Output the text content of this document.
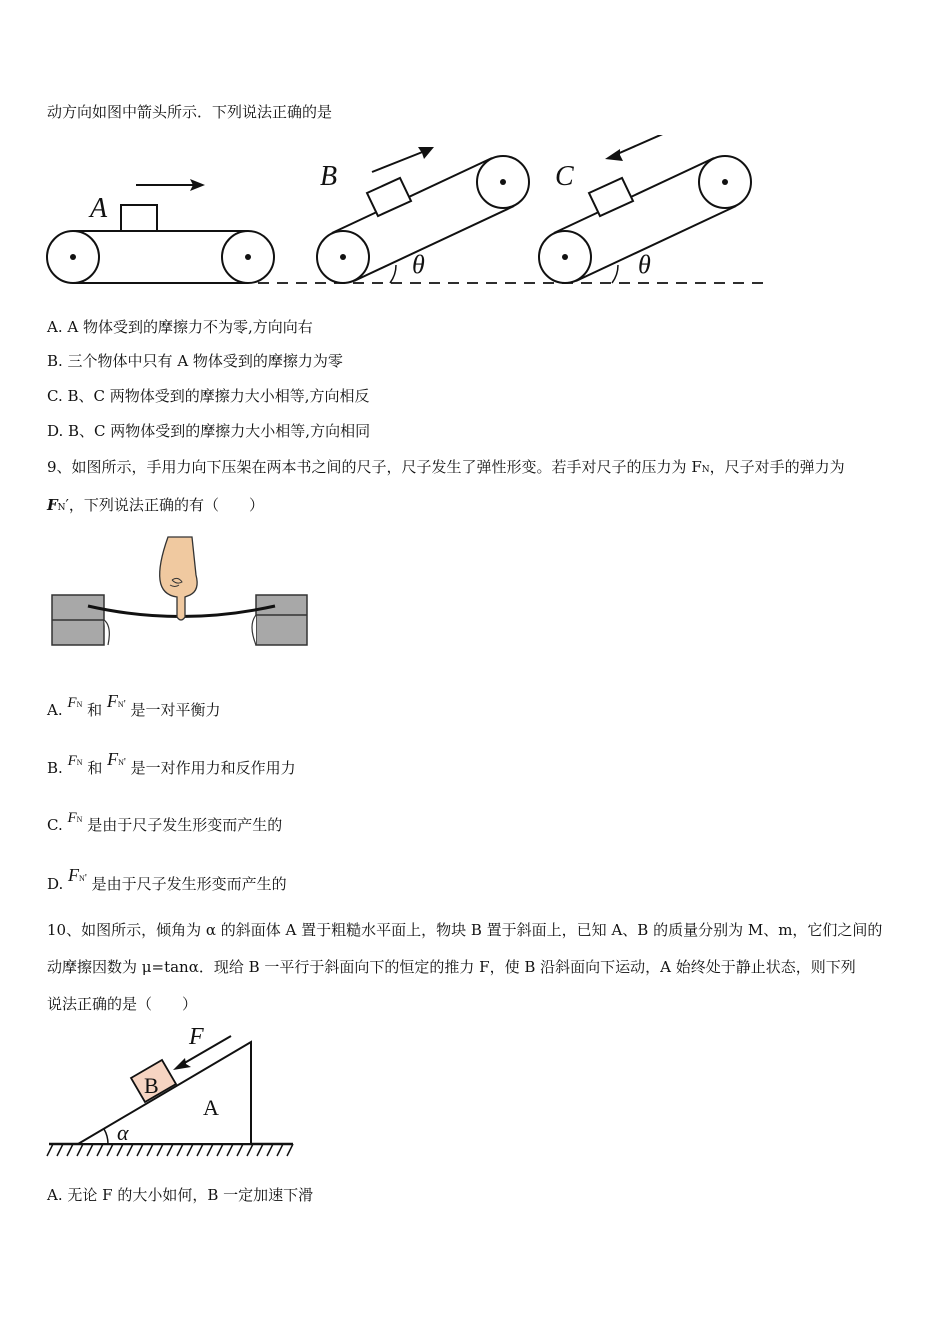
动方向如图中箭头所示．下列说法正确的是
A
B
θ
C
θ
A. A 物体受到的摩擦力不为零,方向向右
B. 三个物体中只有 A 物体受到的摩擦力为零
C. B、C 两物体受到的摩擦力大小相等,方向相反
D. B、C 两物体受到的摩擦力大小相等,方向相同
9、如图所示，手用力向下压架在两本书之间的尺子，尺子发生了弹性形变。若手对尺子的压力为 FN，尺子对手的弹力为
FN′，下列说法正确的有（　　）
A. FN 和 FN' 是一对平衡力
B. FN 和 FN' 是一对作用力和反作用力
C. FN 是由于尺子发生形变而产生的
D. FN' 是由于尺子发生形变而产生的
10、如图所示，倾角为 α 的斜面体 A 置于粗糙水平面上，物块 B 置于斜面上，已知 A、B 的质量分别为 M、m，它们之间的
动摩擦因数为 μ=tanα．现给 B 一平行于斜面向下的恒定的推力 F，使 B 沿斜面向下运动，A 始终处于静止状态，则下列
说法正确的是（　　）
B
A
F
α
A. 无论 F 的大小如何，B 一定加速下滑
